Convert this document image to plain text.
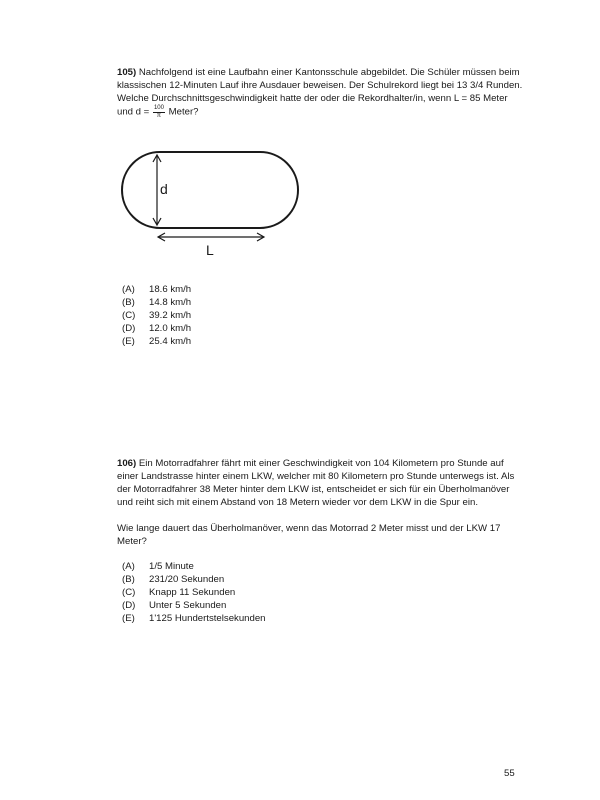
105) Nachfolgend ist eine Laufbahn einer Kantonsschule abgebildet. Die Schüler müssen beim
klassischen 12-Minuten Lauf ihre Ausdauer beweisen. Der Schulrekord liegt bei 13 3/4 Runden.
Welche Durchschnittsgeschwindigkeit hatte der oder die Rekordhalter/in, wenn L = 85 Meter
und $d = \frac{100}{\pi}$ Meter?

d
L
(A)	18.6 km/h
(B)	14.8 km/h
(C)	39.2 km/h
(D)	12.0 km/h
(E)	25.4 km/h

106) Ein Motorradfahrer fährt mit einer Geschwindigkeit von 104 Kilometern pro Stunde auf
einer Landstrasse hinter einem LKW, welcher mit 80 Kilometern pro Stunde unterwegs ist. Als
der Motorradfahrer 38 Meter hinter dem LKW ist, entscheidet er sich für ein Überholmanöver
und reiht sich mit einem Abstand von 18 Metern wieder vor dem LKW in die Spur ein.

Wie lange dauert das Überholmanöver, wenn das Motorrad 2 Meter misst und der LKW 17
Meter?

(A)	1/5 Minute
(B)	231/20 Sekunden
(C)	Knapp 11 Sekunden
(D)	Unter 5 Sekunden
(E)	1'125 Hundertstelsekunden
55
